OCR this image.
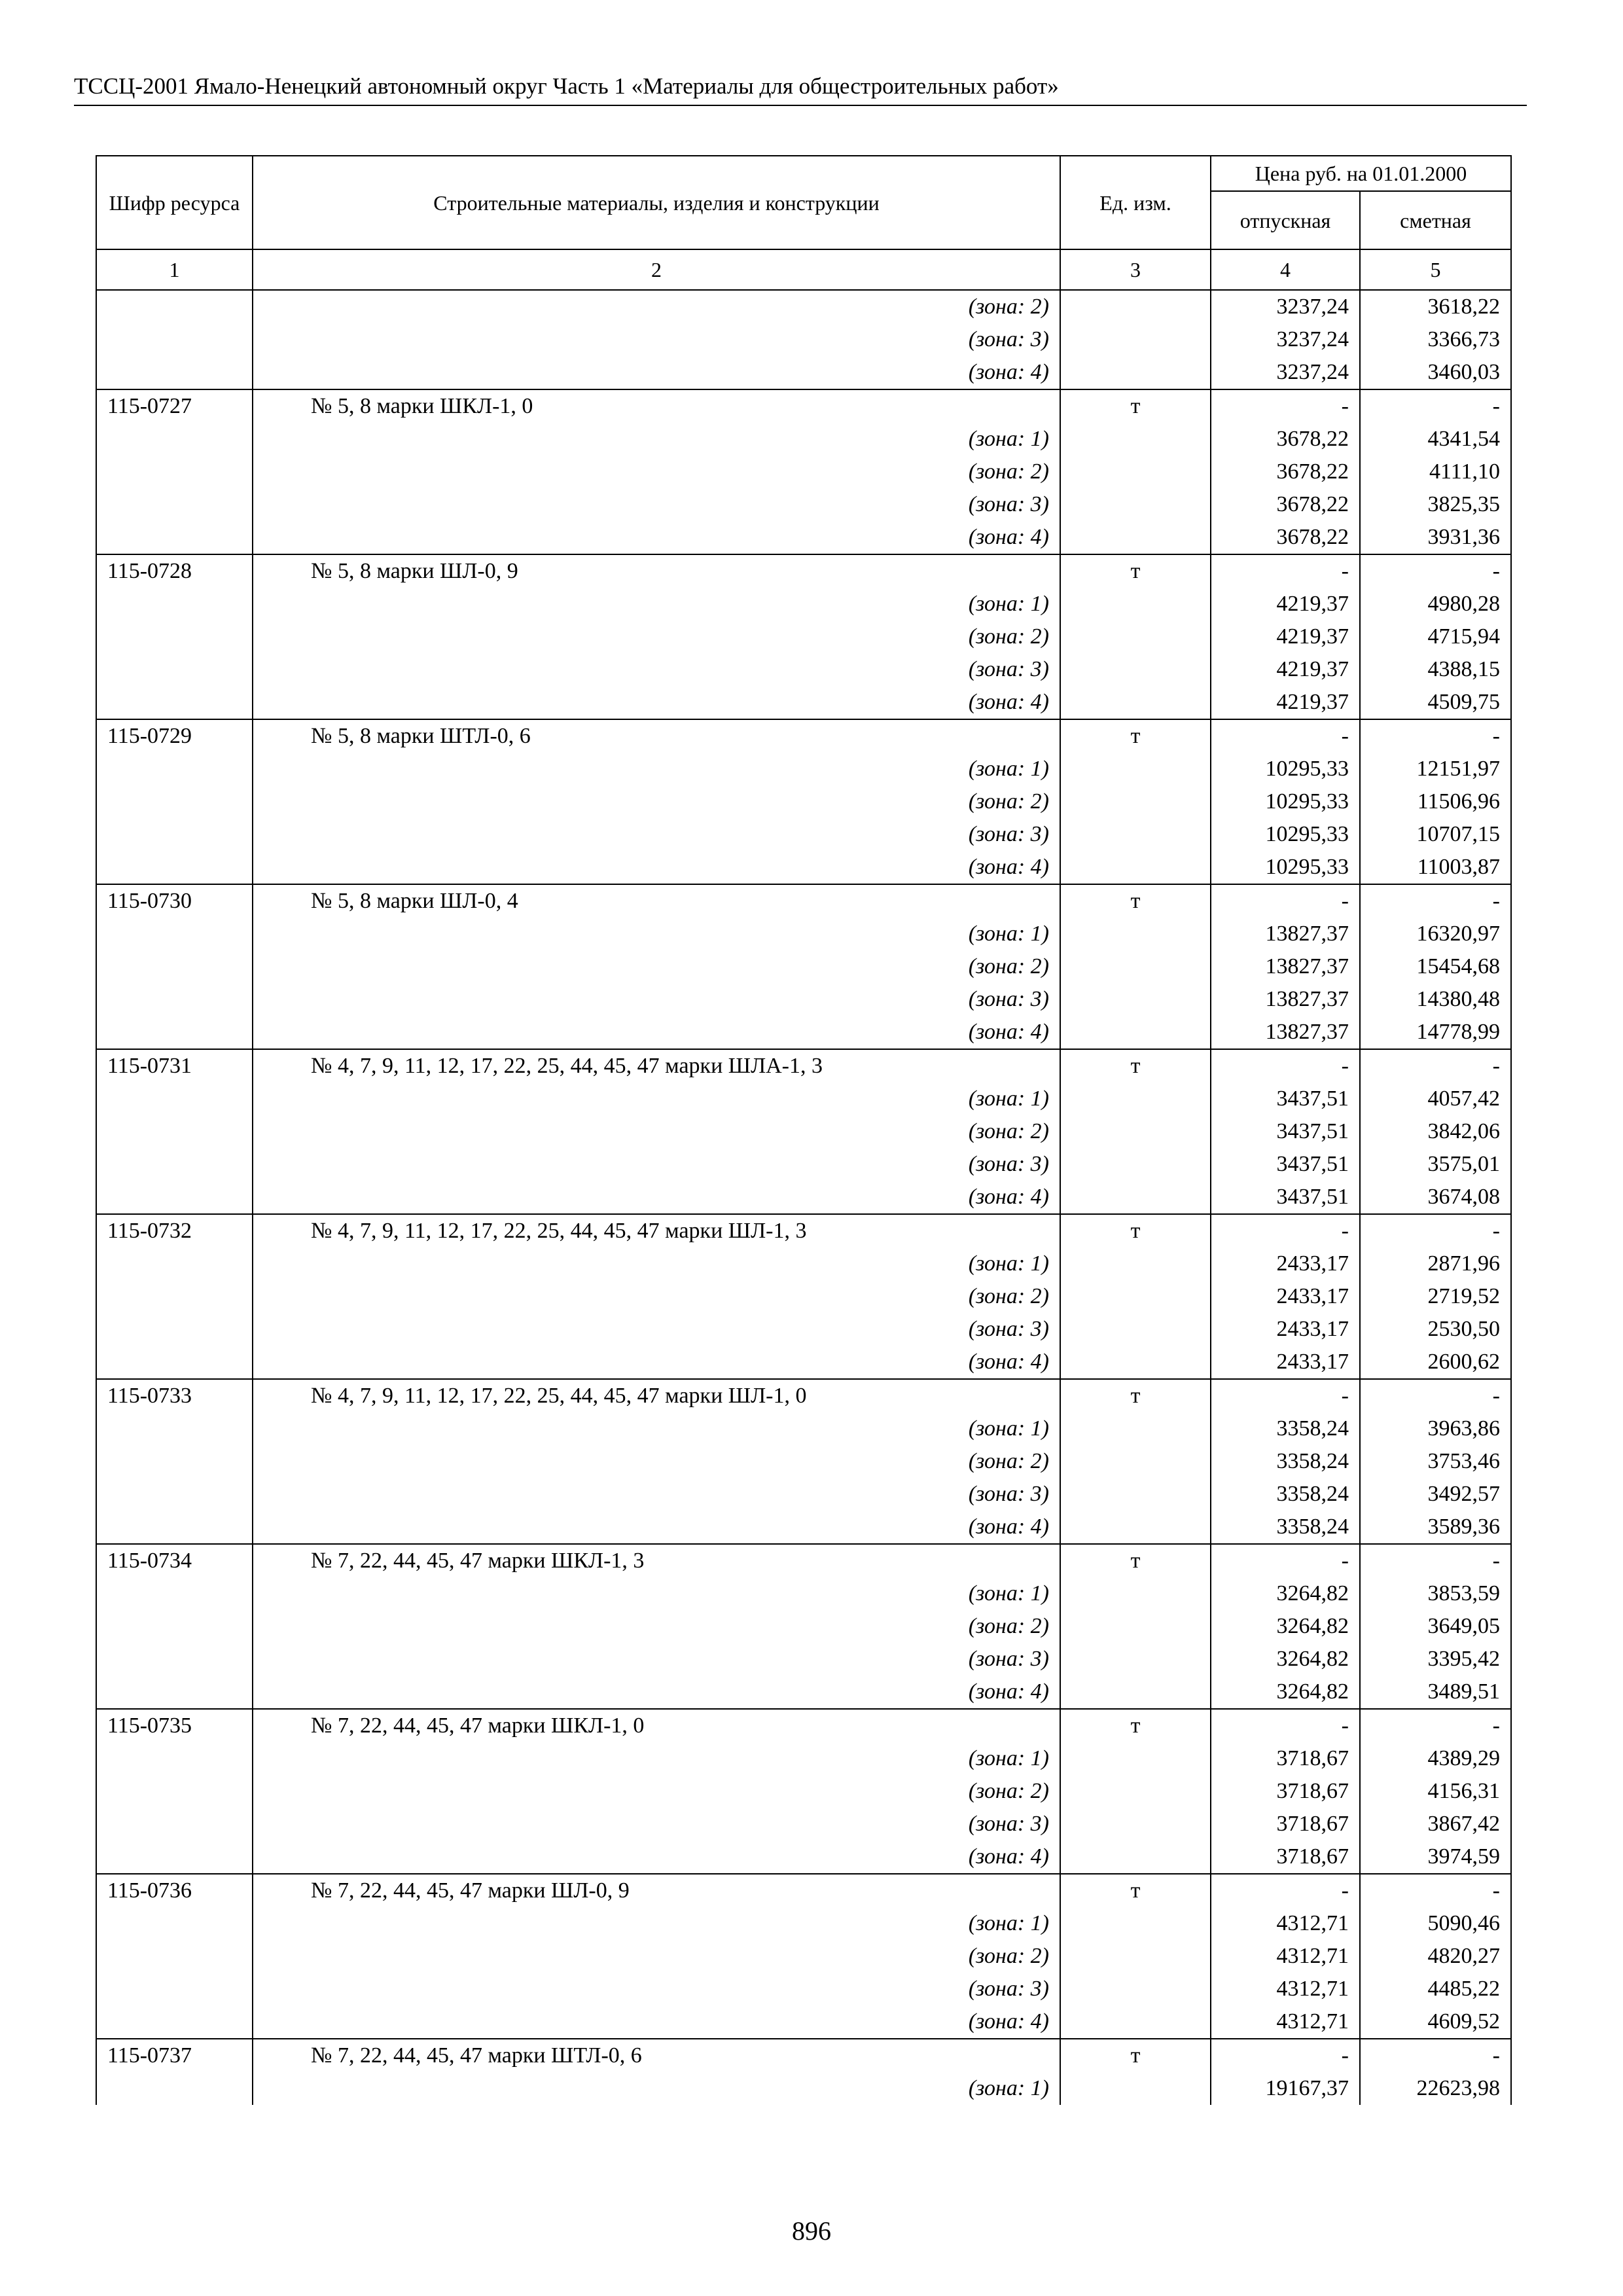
ТССЦ-2001 Ямало-Ненецкий автономный округ Часть 1 «Материалы для общестроительных работ»
Шифр ресурса	Строительные материалы, изделия и конструкции	Ед. изм.	Цена руб. на 01.01.2000	
			отпускная	сметная
1	2	3	4	5
	(зона: 2)		3237,24	3618,22
	(зона: 3)		3237,24	3366,73
	(зона: 4)		3237,24	3460,03
115-0727	№ 5, 8 марки ШКЛ-1, 0	т	-	-
	(зона: 1)		3678,22	4341,54
	(зона: 2)		3678,22	4111,10
	(зона: 3)		3678,22	3825,35
	(зона: 4)		3678,22	3931,36
115-0728	№ 5, 8 марки ШЛ-0, 9	т	-	-
	(зона: 1)		4219,37	4980,28
	(зона: 2)		4219,37	4715,94
	(зона: 3)		4219,37	4388,15
	(зона: 4)		4219,37	4509,75
115-0729	№ 5, 8 марки ШТЛ-0, 6	т	-	-
	(зона: 1)		10295,33	12151,97
	(зона: 2)		10295,33	11506,96
	(зона: 3)		10295,33	10707,15
	(зона: 4)		10295,33	11003,87
115-0730	№ 5, 8 марки ШЛ-0, 4	т	-	-
	(зона: 1)		13827,37	16320,97
	(зона: 2)		13827,37	15454,68
	(зона: 3)		13827,37	14380,48
	(зона: 4)		13827,37	14778,99
115-0731	№ 4, 7, 9, 11, 12, 17, 22, 25, 44, 45, 47 марки ШЛА-1, 3	т	-	-
	(зона: 1)		3437,51	4057,42
	(зона: 2)		3437,51	3842,06
	(зона: 3)		3437,51	3575,01
	(зона: 4)		3437,51	3674,08
115-0732	№ 4, 7, 9, 11, 12, 17, 22, 25, 44, 45, 47 марки ШЛ-1, 3	т	-	-
	(зона: 1)		2433,17	2871,96
	(зона: 2)		2433,17	2719,52
	(зона: 3)		2433,17	2530,50
	(зона: 4)		2433,17	2600,62
115-0733	№ 4, 7, 9, 11, 12, 17, 22, 25, 44, 45, 47 марки ШЛ-1, 0	т	-	-
	(зона: 1)		3358,24	3963,86
	(зона: 2)		3358,24	3753,46
	(зона: 3)		3358,24	3492,57
	(зона: 4)		3358,24	3589,36
115-0734	№ 7, 22, 44, 45, 47 марки ШКЛ-1, 3	т	-	-
	(зона: 1)		3264,82	3853,59
	(зона: 2)		3264,82	3649,05
	(зона: 3)		3264,82	3395,42
	(зона: 4)		3264,82	3489,51
115-0735	№ 7, 22, 44, 45, 47 марки ШКЛ-1, 0	т	-	-
	(зона: 1)		3718,67	4389,29
	(зона: 2)		3718,67	4156,31
	(зона: 3)		3718,67	3867,42
	(зона: 4)		3718,67	3974,59
115-0736	№ 7, 22, 44, 45, 47 марки ШЛ-0, 9	т	-	-
	(зона: 1)		4312,71	5090,46
	(зона: 2)		4312,71	4820,27
	(зона: 3)		4312,71	4485,22
	(зона: 4)		4312,71	4609,52
115-0737	№ 7, 22, 44, 45, 47 марки ШТЛ-0, 6	т	-	-
	(зона: 1)		19167,37	22623,98
896
